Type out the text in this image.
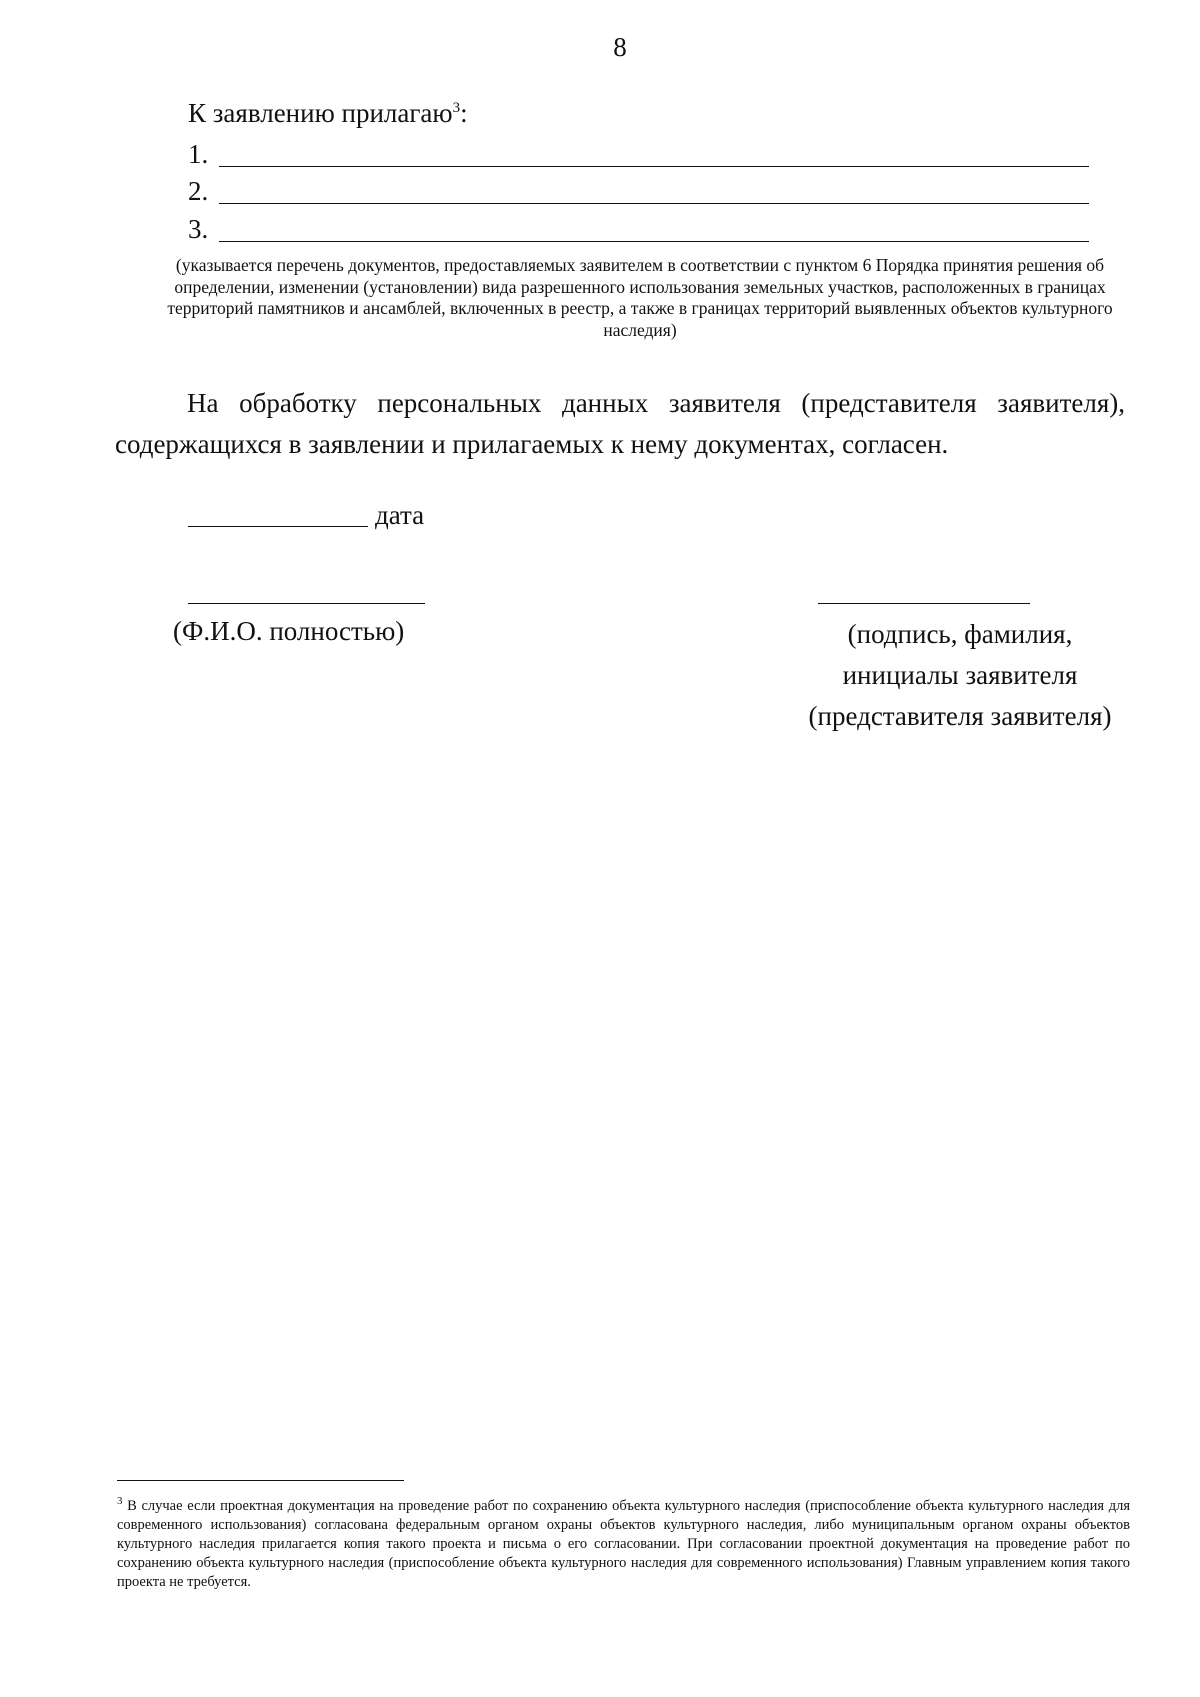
8
К заявлению прилагаю$^3$:
1.
2.
3.
(указывается перечень документов, предоставляемых заявителем в соответствии с пунктом 6 Порядка принятия решения об определении, изменении (установлении) вида разрешенного использования земельных участков, расположенных в границах территорий памятников и ансамблей, включенных в реестр, а также в границах территорий выявленных объектов культурного наследия)
На обработку персональных данных заявителя (представителя заявителя), содержащихся в заявлении и прилагаемых к нему документах, согласен.
дата
(Ф.И.О. полностью)	(подпись, фамилия,
инициалы заявителя
(представителя заявителя)
$^3$ В случае если проектная документация на проведение работ по сохранению объекта культурного наследия (приспособление объекта культурного наследия для современного использования) согласована федеральным органом охраны объектов культурного наследия, либо муниципальным органом охраны объектов культурного наследия прилагается копия такого проекта и письма о его согласовании. При согласовании проектной документация на проведение работ по сохранению объекта культурного наследия (приспособление объекта культурного наследия для современного использования) Главным управлением копия такого проекта не требуется.
